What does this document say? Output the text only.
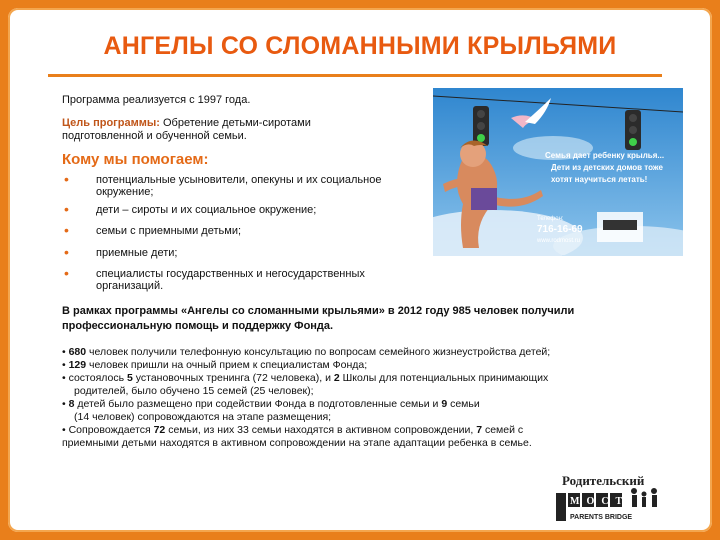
АНГЕЛЫ СО СЛОМАННЫМИ КРЫЛЬЯМИ
Программа реализуется с 1997 года.
Цель программы: Обретение детьми-сиротами подготовленной и обученной семьи.
Кому мы помогаем:
• потенциальные усыновители, опекуны и их социальное окружение;
• дети – сироты и их социальное окружение;
• семьи с приемными детьми;
• приемные дети;
• специалисты государственных и негосударственных организаций.
В рамках программы «Ангелы со сломанными крыльями» в 2012 году 985 человек получили профессиональную помощь и поддержку Фонда.
• 680 человек получили телефонную консультацию по вопросам семейного жизнеустройства детей;
• 129 человек пришли на очный прием к специалистам Фонда;
• состоялось 5 установочных тренинга (72 человека), и 2 Школы для потенциальных принимающих
родителей, было обучено 15 семей (25 человек);
• 8 детей было размещено при содействии Фонда в подготовленные семьи и 9 семьи
(14 человек) сопровождаются на этапе размещения;
• Сопровождается 72 семьи, из них 33 семьи находятся в активном сопровождении, 7 семей с
приемными детьми находятся в активном сопровождении на этапе адаптации ребенка в семье.
Семья дает ребенку крылья...
Дети из детских домов тоже
хотят научиться летать!
Телефон:
716-16-69
www.rodmost.ru
Родительский
МОСТ
PARENTS BRIDGE
